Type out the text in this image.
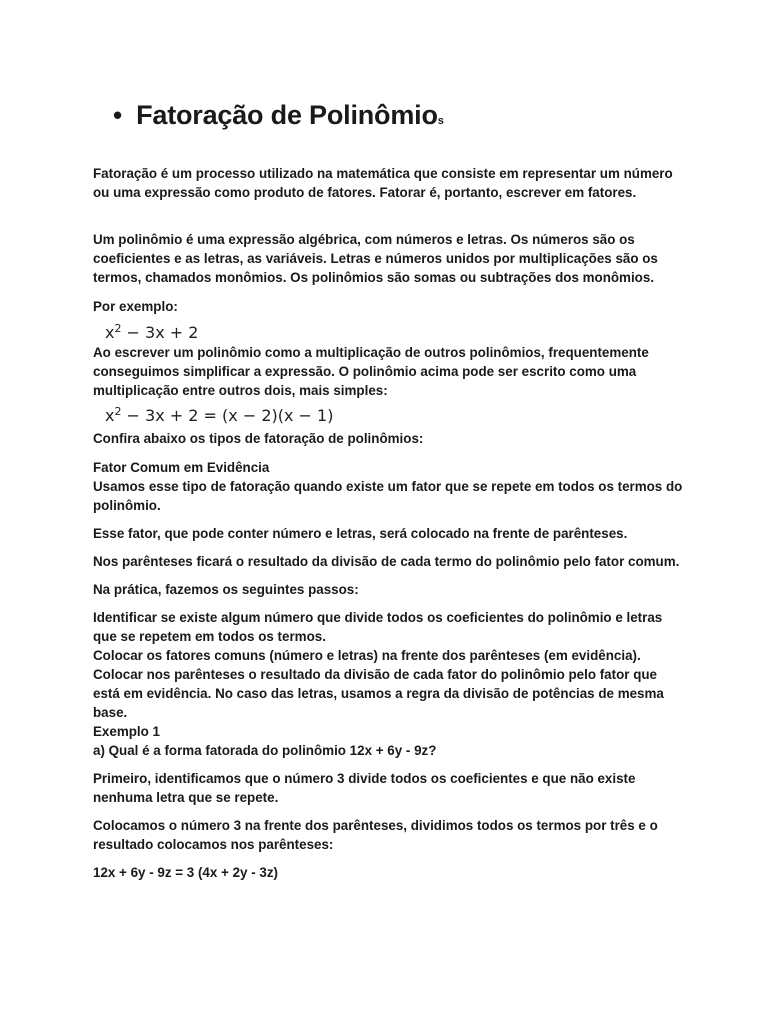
• Fatoração de Polinômios

Fatoração é um processo utilizado na matemática que consiste em representar um número ou uma expressão como produto de fatores. Fatorar é, portanto, escrever em fatores.

Um polinômio é uma expressão algébrica, com números e letras. Os números são os coeficientes e as letras, as variáveis. Letras e números unidos por multiplicações são os termos, chamados monômios. Os polinômios são somas ou subtrações dos monômios.

Por exemplo:

$x^2 - 3x + 2$

Ao escrever um polinômio como a multiplicação de outros polinômios, frequentemente conseguimos simplificar a expressão. O polinômio acima pode ser escrito como uma multiplicação entre outros dois, mais simples:

$x^2 - 3x + 2 = (x - 2)(x - 1)$

Confira abaixo os tipos de fatoração de polinômios:

Fator Comum em Evidência

Usamos esse tipo de fatoração quando existe um fator que se repete em todos os termos do polinômio.

Esse fator, que pode conter número e letras, será colocado na frente de parênteses.

Nos parênteses ficará o resultado da divisão de cada termo do polinômio pelo fator comum.

Na prática, fazemos os seguintes passos:

Identificar se existe algum número que divide todos os coeficientes do polinômio e letras que se repetem em todos os termos.

Colocar os fatores comuns (número e letras) na frente dos parênteses (em evidência).

Colocar nos parênteses o resultado da divisão de cada fator do polinômio pelo fator que está em evidência. No caso das letras, usamos a regra da divisão de potências de mesma base.

Exemplo 1

a) Qual é a forma fatorada do polinômio 12x + 6y - 9z?

Primeiro, identificamos que o número 3 divide todos os coeficientes e que não existe nenhuma letra que se repete.

Colocamos o número 3 na frente dos parênteses, dividimos todos os termos por três e o resultado colocamos nos parênteses:

12x + 6y - 9z = 3 (4x + 2y - 3z)
